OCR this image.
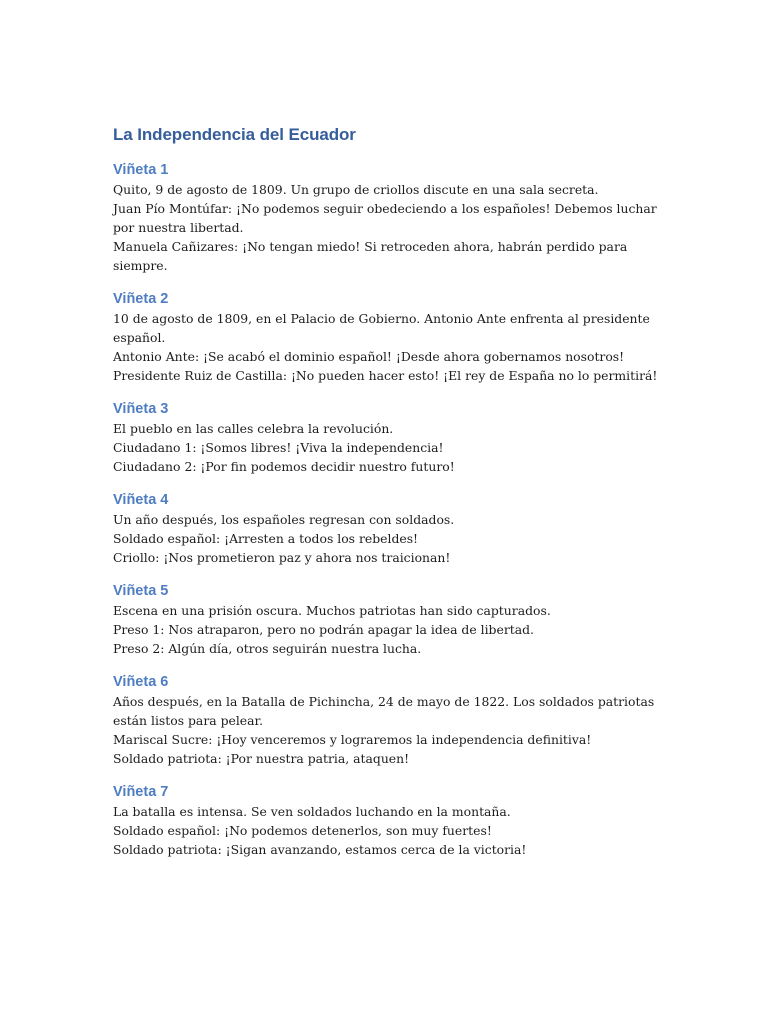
La Independencia del Ecuador
Viñeta 1

Quito, 9 de agosto de 1809. Un grupo de criollos discute en una sala secreta.
Juan Pío Montúfar: ¡No podemos seguir obedeciendo a los españoles! Debemos luchar por nuestra libertad.
Manuela Cañizares: ¡No tengan miedo! Si retroceden ahora, habrán perdido para siempre.

Viñeta 2

10 de agosto de 1809, en el Palacio de Gobierno. Antonio Ante enfrenta al presidente español.
Antonio Ante: ¡Se acabó el dominio español! ¡Desde ahora gobernamos nosotros!
Presidente Ruiz de Castilla: ¡No pueden hacer esto! ¡El rey de España no lo permitirá!

Viñeta 3

El pueblo en las calles celebra la revolución.
Ciudadano 1: ¡Somos libres! ¡Viva la independencia!
Ciudadano 2: ¡Por fin podemos decidir nuestro futuro!

Viñeta 4

Un año después, los españoles regresan con soldados.
Soldado español: ¡Arresten a todos los rebeldes!
Criollo: ¡Nos prometieron paz y ahora nos traicionan!

Viñeta 5

Escena en una prisión oscura. Muchos patriotas han sido capturados.
Preso 1: Nos atraparon, pero no podrán apagar la idea de libertad.
Preso 2: Algún día, otros seguirán nuestra lucha.

Viñeta 6

Años después, en la Batalla de Pichincha, 24 de mayo de 1822. Los soldados patriotas están listos para pelear.
Mariscal Sucre: ¡Hoy venceremos y lograremos la independencia definitiva!
Soldado patriota: ¡Por nuestra patria, ataquen!

Viñeta 7

La batalla es intensa. Se ven soldados luchando en la montaña.
Soldado español: ¡No podemos detenerlos, son muy fuertes!
Soldado patriota: ¡Sigan avanzando, estamos cerca de la victoria!
